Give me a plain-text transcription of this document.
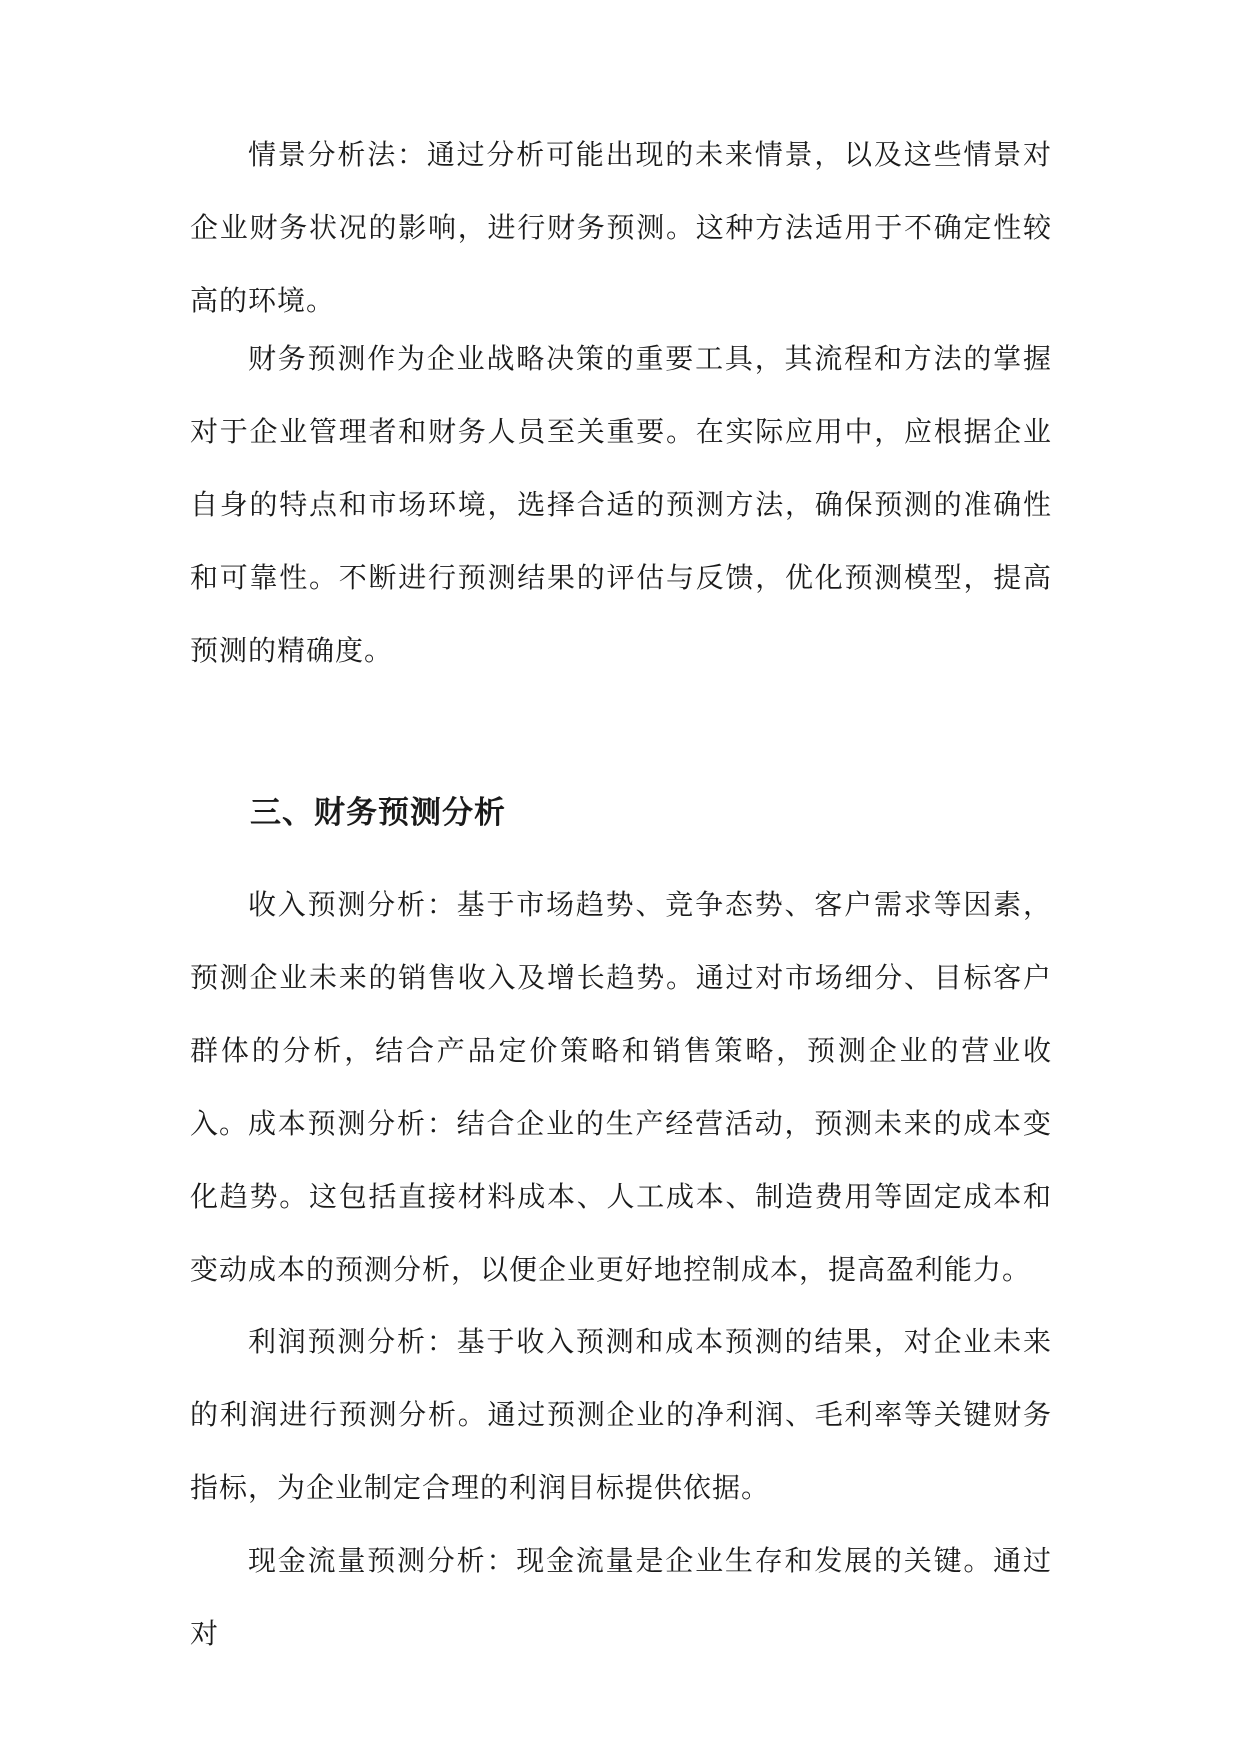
情景分析法：通过分析可能出现的未来情景，以及这些情景对企业财务状况的影响，进行财务预测。这种方法适用于不确定性较高的环境。

财务预测作为企业战略决策的重要工具，其流程和方法的掌握对于企业管理者和财务人员至关重要。在实际应用中，应根据企业自身的特点和市场环境，选择合适的预测方法，确保预测的准确性和可靠性。不断进行预测结果的评估与反馈，优化预测模型，提高预测的精确度。

三、财务预测分析

收入预测分析：基于市场趋势、竞争态势、客户需求等因素，预测企业未来的销售收入及增长趋势。通过对市场细分、目标客户群体的分析，结合产品定价策略和销售策略，预测企业的营业收入。 成本预测分析：结合企业的生产经营活动，预测未来的成本变化趋势。这包括直接材料成本、人工成本、制造费用等固定成本和变动成本的预测分析，以便企业更好地控制成本，提高盈利能力。

利润预测分析：基于收入预测和成本预测的结果，对企业未来的利润进行预测分析。通过预测企业的净利润、毛利率等关键财务指标，为企业制定合理的利润目标提供依据。

现金流量预测分析：现金流量是企业生存和发展的关键。通过对
